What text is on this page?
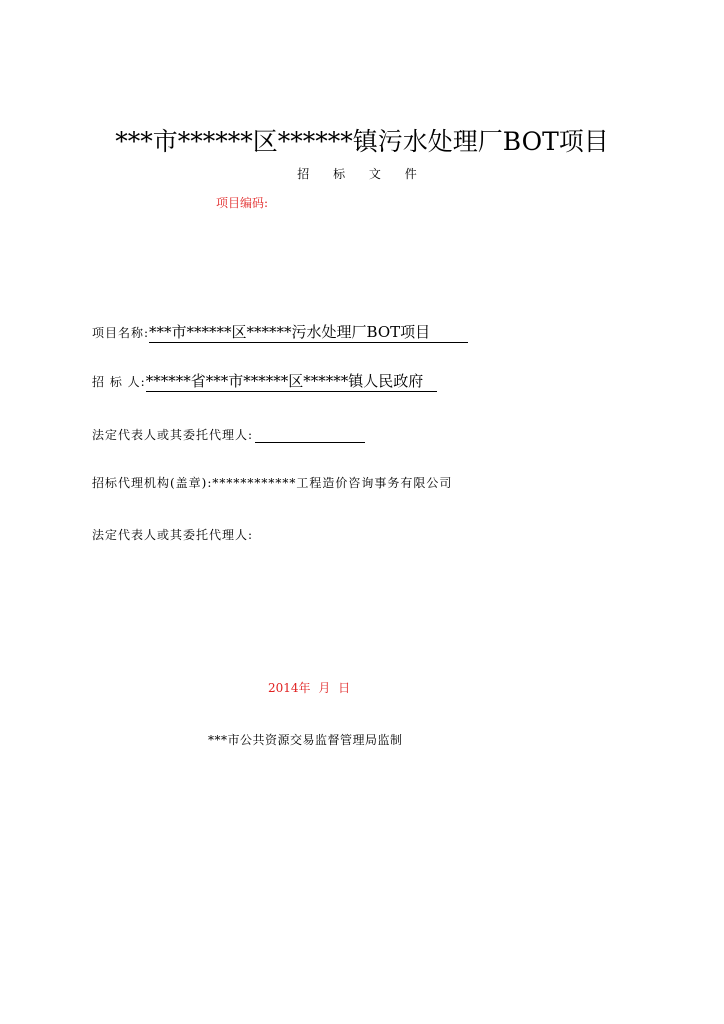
***市******区******镇污水处理厂BOT项目
招 标 文 件
项目编码:
项目名称:***市******区******污水处理厂BOT项目
招 标 人:******省***市******区******镇人民政府
法定代表人或其委托代理人:
招标代理机构(盖章):************工程造价咨询事务有限公司
法定代表人或其委托代理人:
2014年 月 日
***市公共资源交易监督管理局监制
